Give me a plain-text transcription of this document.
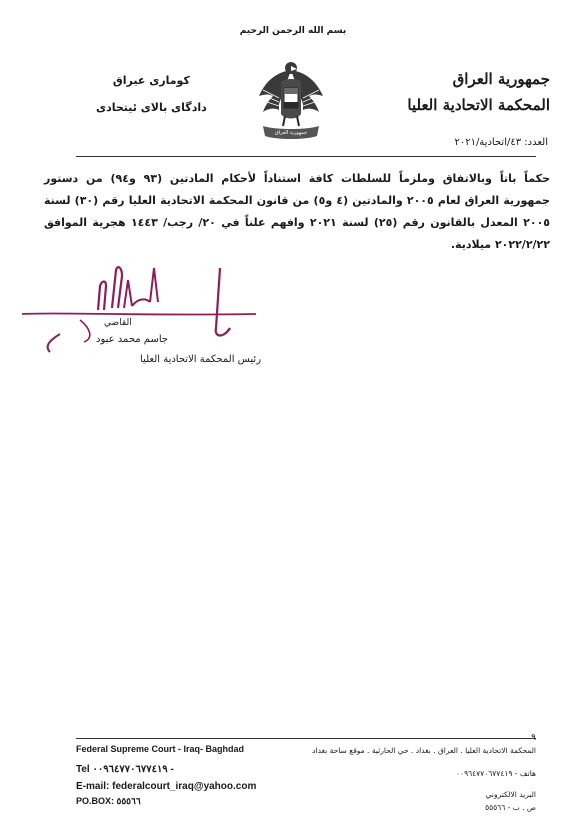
بسم الله الرحمن الرحيم
جمهورية العراق
المحكمة الاتحادية العليا
كوماری عیراق
دادگای بالای ئیتحادی
جمهورية العراق
العدد: ٤٣/اتحادية/٢٠٢١
حكماً باتاً وبالاتفاق وملزماً للسلطات كافة استناداً لأحكام المادتين (٩٣ و٩٤) من دستور جمهورية العراق لعام ٢٠٠٥ والمادتين (٤ و٥) من قانون المحكمة الاتحادية العليا رقم (٣٠) لسنة ٢٠٠٥ المعدل بالقانون رقم (٢٥) لسنة ٢٠٢١ وافهم علناً في ٢٠/ رجب/ ١٤٤٣ هجرية الموافق ٢٠٢٢/٢/٢٢ ميلادية.
القاضي
جاسم محمد عبود
رئيس المحكمة الاتحادية العليا
٩
Federal Supreme Court - Iraq- Baghdad
Tel ٠٠٩٦٤٧٧٠٦٧٧٤١٩ -
E-mail: federalcourt_iraq@yahoo.com
PO.BOX: ٥٥٥٦٦
المحكمة الاتحادية العليا . العراق . بغداد . حي الحارثية . موقع ساحة بغداد
هاتف - ٠٠٩٦٤٧٧٠٦٧٧٤١٩
البريد الالكتروني
ص . ب - ٥٥٥٦٦
